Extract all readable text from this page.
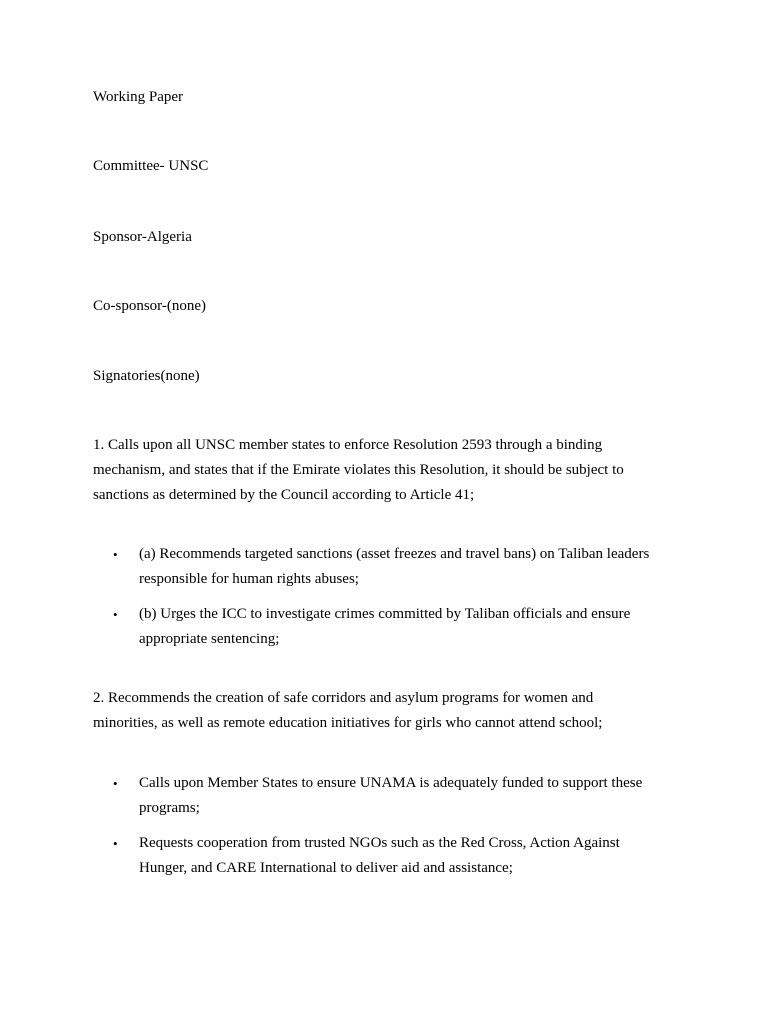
Working Paper
Committee- UNSC
Sponsor-Algeria
Co-sponsor-(none)
Signatories(none)
1. Calls upon all UNSC member states to enforce Resolution 2593 through a binding
mechanism, and states that if the Emirate violates this Resolution, it should be subject to
sanctions as determined by the Council according to Article 41;
•	(a) Recommends targeted sanctions (asset freezes and travel bans) on Taliban leaders
responsible for human rights abuses;
•	(b) Urges the ICC to investigate crimes committed by Taliban officials and ensure
appropriate sentencing;
2. Recommends the creation of safe corridors and asylum programs for women and
minorities, as well as remote education initiatives for girls who cannot attend school;
•	Calls upon Member States to ensure UNAMA is adequately funded to support these
programs;
•	Requests cooperation from trusted NGOs such as the Red Cross, Action Against
Hunger, and CARE International to deliver aid and assistance;
